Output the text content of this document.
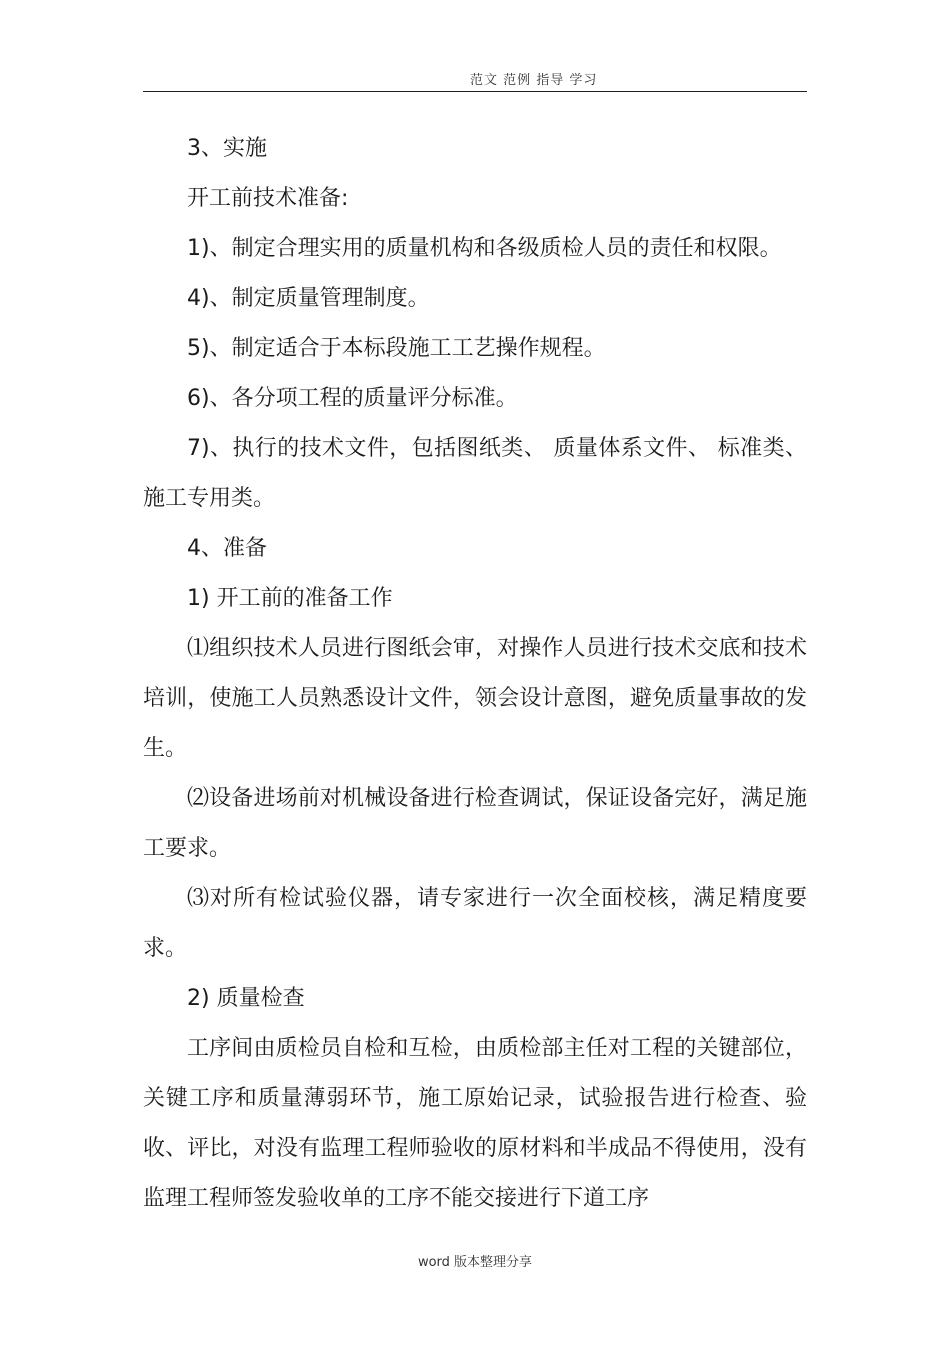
范文 范例 指导 学习

3、实施

开工前技术准备:

1)、制定合理实用的质量机构和各级质检人员的责任和权限。

4)、制定质量管理制度。

5)、制定适合于本标段施工工艺操作规程。

6)、各分项工程的质量评分标准。

7)、执行的技术文件，包括图纸类、 质量体系文件、 标准类、施工专用类。

4、准备

1) 开工前的准备工作

⑴组织技术人员进行图纸会审，对操作人员进行技术交底和技术培训，使施工人员熟悉设计文件，领会设计意图，避免质量事故的发生。

⑵设备进场前对机械设备进行检查调试，保证设备完好，满足施工要求。

⑶对所有检试验仪器，请专家进行一次全面校核，满足精度要求。

2) 质量检查

工序间由质检员自检和互检，由质检部主任对工程的关键部位，关键工序和质量薄弱环节，施工原始记录，试验报告进行检查、验收、评比，对没有监理工程师验收的原材料和半成品不得使用，没有监理工程师签发验收单的工序不能交接进行下道工序

word 版本整理分享
